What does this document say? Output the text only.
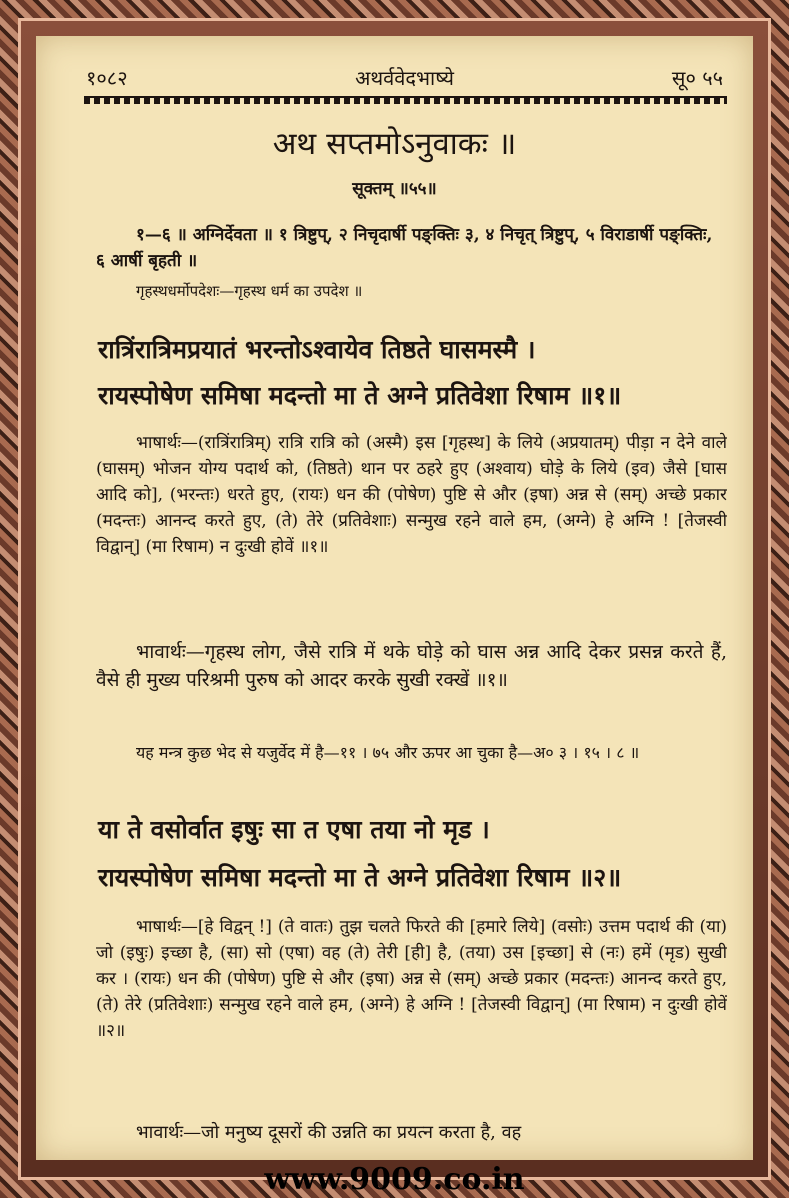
१०८२	अथर्ववेदभाष्ये	सू० ५५
अथ सप्तमोऽनुवाकः ॥
सूक्तम् ॥५५॥
१—६ ॥ अग्निर्देवता ॥ १ त्रिष्टुप्, २ निचृदार्षी पङ्क्तिः ३, ४ निचृत् त्रिष्टुप्, ५ विराडार्षी पङ्क्तिः, ६ आर्षी बृहती ॥
गृहस्थधर्मोपदेशः—गृहस्थ धर्म का उपदेश ॥
रात्रिंरात्रिमप्रयातं भरन्तोऽश्वायेव तिष्ठते घासमस्मै ।
रायस्पोषेण समिषा मदन्तो मा ते अग्ने प्रतिवेशा रिषाम ॥१॥
भाषार्थः—(रात्रिंरात्रिम्) रात्रि रात्रि को (अस्मै) इस [गृहस्थ] के लिये (अप्रयातम्) पीड़ा न देने वाले (घासम्) भोजन योग्य पदार्थ को, (तिष्ठते) थान पर ठहरे हुए (अश्वाय) घोड़े के लिये (इव) जैसे [घास आदि को], (भरन्तः) धरते हुए, (रायः) धन की (पोषेण) पुष्टि से और (इषा) अन्न से (सम्) अच्छे प्रकार (मदन्तः) आनन्द करते हुए, (ते) तेरे (प्रतिवेशाः) सन्मुख रहने वाले हम, (अग्ने) हे अग्नि ! [तेजस्वी विद्वान्] (मा रिषाम) न दुःखी होवें ॥१॥
भावार्थः—गृहस्थ लोग, जैसे रात्रि में थके घोड़े को घास अन्न आदि देकर प्रसन्न करते हैं, वैसे ही मुख्य परिश्रमी पुरुष को आदर करके सुखी रक्खें ॥१॥
यह मन्त्र कुछ भेद से यजुर्वेद में है—११ । ७५ और ऊपर आ चुका है—अ० ३ । १५ । ८ ॥
या ते वसोर्वात इषुः सा त एषा तया नो मृड ।
रायस्पोषेण समिषा मदन्तो मा ते अग्ने प्रतिवेशा रिषाम ॥२॥
भाषार्थः—[हे विद्वन् !] (ते वातः) तुझ चलते फिरते की [हमारे लिये] (वसोः) उत्तम पदार्थ की (या) जो (इषुः) इच्छा है, (सा) सो (एषा) वह (ते) तेरी [ही] है, (तया) उस [इच्छा] से (नः) हमें (मृड) सुखी कर । (रायः) धन की (पोषेण) पुष्टि से और (इषा) अन्न से (सम्) अच्छे प्रकार (मदन्तः) आनन्द करते हुए, (ते) तेरे (प्रतिवेशाः) सन्मुख रहने वाले हम, (अग्ने) हे अग्नि ! [तेजस्वी विद्वान्] (मा रिषाम) न दुःखी होवें ॥२॥
भावार्थः—जो मनुष्य दूसरों की उन्नति का प्रयत्न करता है, वह
www.9009.co.in
